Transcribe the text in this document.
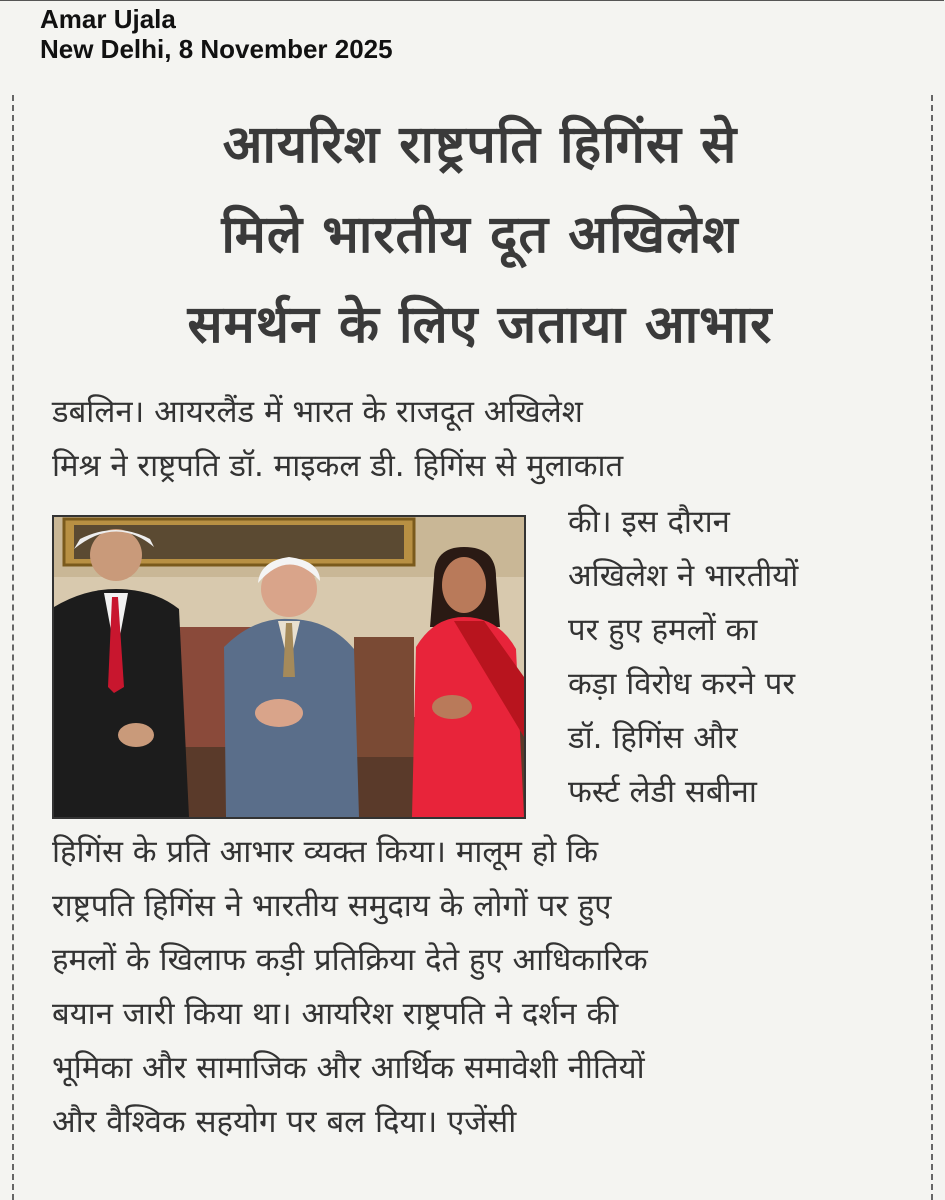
Amar Ujala
New Delhi, 8 November 2025
आयरिश राष्ट्रपति हिगिंस से
मिले भारतीय दूत अखिलेश
समर्थन के लिए जताया आभार
डबलिन। आयरलैंड में भारत के राजदूत अखिलेश
मिश्र ने राष्ट्रपति डॉ. माइकल डी. हिगिंस से मुलाकात
की। इस दौरान
अखिलेश ने भारतीयों
पर हुए हमलों का
कड़ा विरोध करने पर
डॉ. हिगिंस और
फर्स्ट लेडी सबीना
हिगिंस के प्रति आभार व्यक्त किया। मालूम हो कि
राष्ट्रपति हिगिंस ने भारतीय समुदाय के लोगों पर हुए
हमलों के खिलाफ कड़ी प्रतिक्रिया देते हुए आधिकारिक
बयान जारी किया था। आयरिश राष्ट्रपति ने दर्शन की
भूमिका और सामाजिक और आर्थिक समावेशी नीतियों
और वैश्विक सहयोग पर बल दिया। एजेंसी
